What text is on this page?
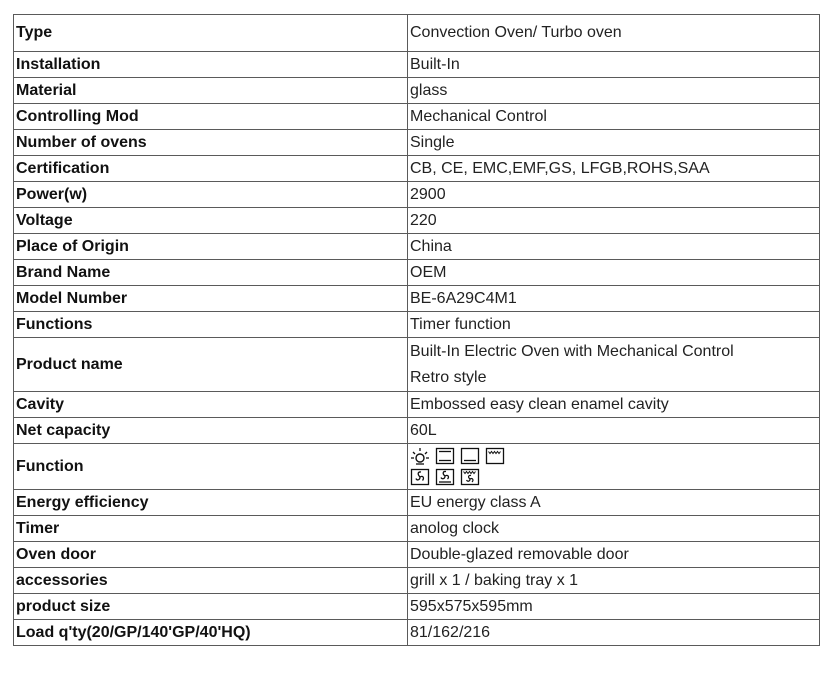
Type	Convection Oven/ Turbo oven
Installation	Built-In
Material	glass
Controlling Mod	Mechanical Control
Number of ovens	Single
Certification	CB, CE, EMC,EMF,GS, LFGB,ROHS,SAA
Power(w)	2900
Voltage	220
Place of Origin	China
Brand Name	OEM
Model Number	BE-6A29C4M1
Functions	Timer function
Product name	Built-In Electric Oven with Mechanical Control
Retro style

Cavity	Embossed easy clean enamel cavity
Net capacity	60L
Function	

Energy efficiency	EU energy class A
Timer	anolog clock
Oven door	Double-glazed removable door
accessories	grill x 1 / baking tray x 1
product size	595x575x595mm
Load q'ty(20/GP/140'GP/40'HQ)	81/162/216
